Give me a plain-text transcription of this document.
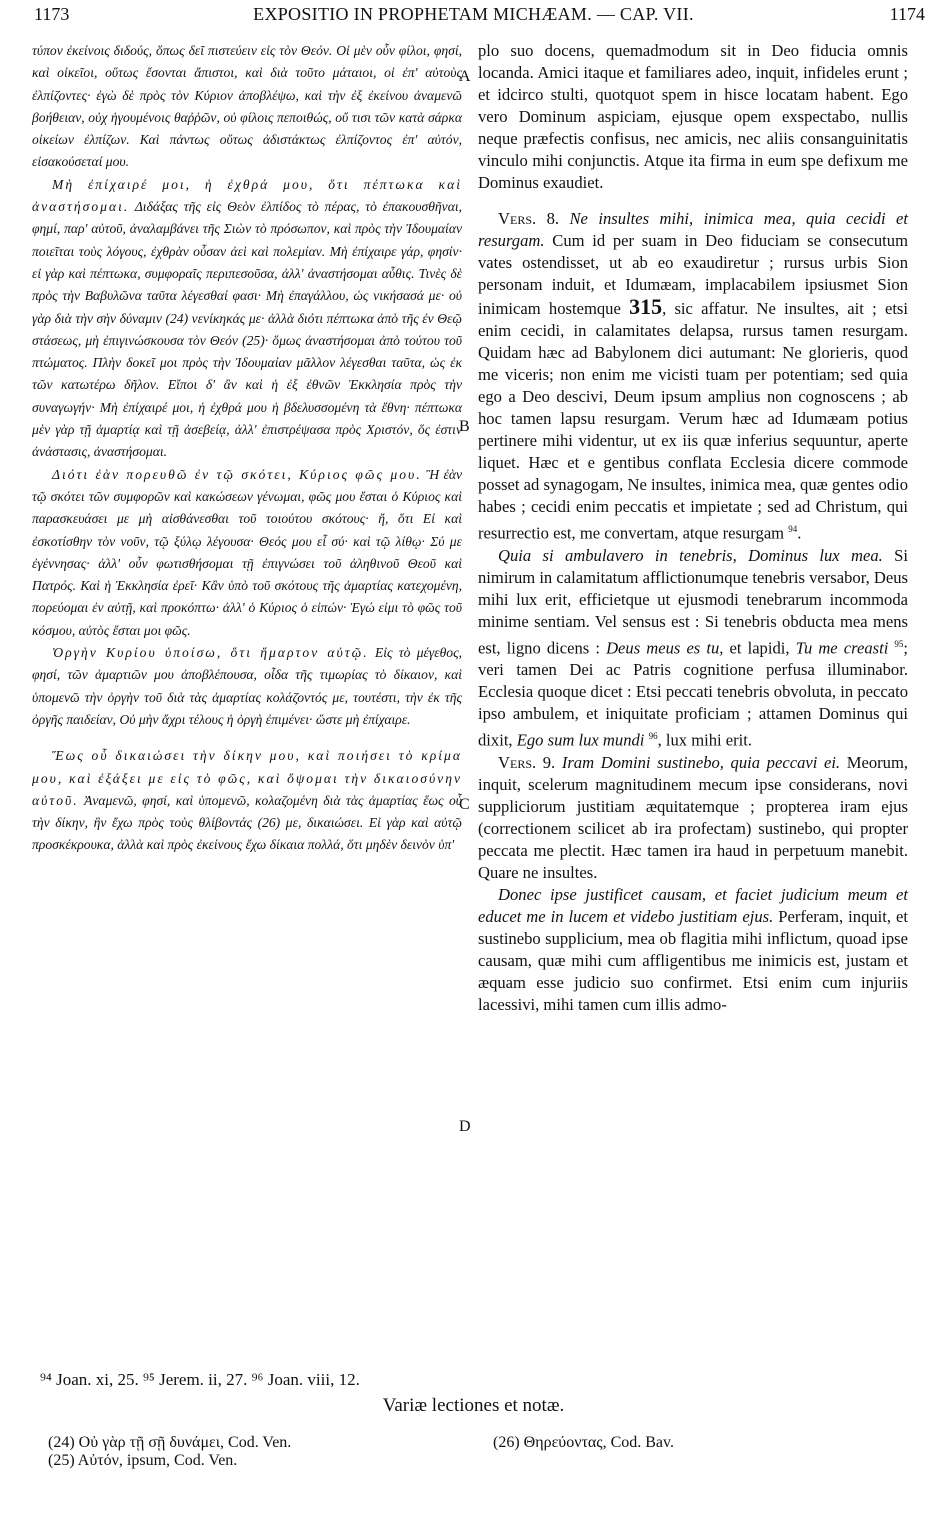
1173	EXPOSITIO IN PROPHETAM MICHÆAM. — CAP. VII.	1174
A
B
C
D

τύπον ἐκείνοις διδούς, ὅπως δεῖ πιστεύειν εἰς τὸν Θεόν. Οἱ μὲν οὖν φίλοι, φησί, καὶ οἰκεῖοι, οὕτως ἔσονται ἄπιστοι, καὶ διὰ τοῦτο μάταιοι, οἱ ἐπ' αὐτοὺς ἐλπίζοντες· ἐγὼ δὲ πρὸς τὸν Κύριον ἀποβλέψω, καὶ τὴν ἐξ ἐκείνου ἀναμενῶ βοήθειαν, οὐχ ἡγουμένοις θαῤῥῶν, οὐ φίλοις πεποιθώς, οὔ τισι τῶν κατὰ σάρκα οἰκείων ἐλπίζων. Καὶ πάντως οὕτως ἀδιστάκτως ἐλπίζοντος ἐπ' αὐτόν, εἰσακούσεταί μου.

Μὴ ἐπίχαιρέ μοι, ἡ ἐχθρά μου, ὅτι πέπτωκα καὶ ἀναστήσομαι. Διδάξας τῆς εἰς Θεὸν ἐλπίδος τὸ πέρας, τὸ ἐπακουσθῆναι, φημί, παρ' αὐτοῦ, ἀναλαμβάνει τῆς Σιὼν τὸ πρόσωπον, καὶ πρὸς τὴν Ἰδουμαίαν ποιεῖται τοὺς λόγους, ἐχθρὰν οὖσαν ἀεὶ καὶ πολεμίαν. Μὴ ἐπίχαιρε γάρ, φησίν· εἰ γὰρ καὶ πέπτωκα, συμφοραῖς περιπεσοῦσα, ἀλλ' ἀναστήσομαι αὖθις. Τινὲς δὲ πρὸς τὴν Βαβυλῶνα ταῦτα λέγεσθαί φασι· Μὴ ἐπαγάλλου, ὡς νικήσασά με· οὐ γὰρ διὰ τὴν σὴν δύναμιν (24) νενίκηκάς με· ἀλλὰ διότι πέπτωκα ἀπὸ τῆς ἐν Θεῷ στάσεως, μὴ ἐπιγινώσκουσα τὸν Θεόν (25)· ὅμως ἀναστήσομαι ἀπὸ τούτου τοῦ πτώματος. Πλὴν δοκεῖ μοι πρὸς τὴν Ἰδουμαίαν μᾶλλον λέγεσθαι ταῦτα, ὡς ἐκ τῶν κατωτέρω δῆλον. Εἴποι δ' ἂν καὶ ἡ ἐξ ἐθνῶν Ἐκκλησία πρὸς τὴν συναγωγήν· Μὴ ἐπίχαιρέ μοι, ἡ ἐχθρά μου ἡ βδελυσσομένη τὰ ἔθνη· πέπτωκα μὲν γὰρ τῇ ἁμαρτίᾳ καὶ τῇ ἀσεβείᾳ, ἀλλ' ἐπιστρέψασα πρὸς Χριστόν, ὅς ἐστιν ἀνάστασις, ἀναστήσομαι.

Διότι ἐὰν πορευθῶ ἐν τῷ σκότει, Κύριος φῶς μου. Ἢ ἐὰν τῷ σκότει τῶν συμφορῶν καὶ κακώσεων γένωμαι, φῶς μου ἔσται ὁ Κύριος καὶ παρασκευάσει με μὴ αἰσθάνεσθαι τοῦ τοιούτου σκότους· ἤ, ὅτι Εἰ καὶ ἐσκοτίσθην τὸν νοῦν, τῷ ξύλῳ λέγουσα· Θεός μου εἶ σύ· καὶ τῷ λίθῳ· Σύ με ἐγέννησας· ἀλλ' οὖν φωτισθήσομαι τῇ ἐπιγνώσει τοῦ ἀληθινοῦ Θεοῦ καὶ Πατρός. Καὶ ἡ Ἐκκλησία ἐρεῖ· Κἂν ὑπὸ τοῦ σκότους τῆς ἁμαρτίας κατεχομένη, πορεύομαι ἐν αὐτῇ, καὶ προκόπτω· ἀλλ' ὁ Κύριος ὁ εἰπών· Ἐγώ εἰμι τὸ φῶς τοῦ κόσμου, αὐτὸς ἔσται μοι φῶς.

Ὀργὴν Κυρίου ὑποίσω, ὅτι ἥμαρτον αὐτῷ. Εἰς τὸ μέγεθος, φησί, τῶν ἁμαρτιῶν μου ἀποβλέπουσα, οἶδα τῆς τιμωρίας τὸ δίκαιον, καὶ ὑπομενῶ τὴν ὀργὴν τοῦ διὰ τὰς ἁμαρτίας κολάζοντός με, τουτέστι, τὴν ἐκ τῆς ὀργῆς παιδείαν, Οὐ μὴν ἄχρι τέλους ἡ ὀργὴ ἐπιμένει· ὥστε μὴ ἐπίχαιρε.

Ἕως οὗ δικαιώσει τὴν δίκην μου, καὶ ποιήσει τὸ κρίμα μου, καὶ ἐξάξει με εἰς τὸ φῶς, καὶ ὄψομαι τὴν δικαιοσύνην αὐτοῦ. Ἀναμενῶ, φησί, καὶ ὑπομενῶ, κολαζομένη διὰ τὰς ἁμαρτίας ἕως οὗ τὴν δίκην, ἣν ἔχω πρὸς τοὺς θλίβοντάς (26) με, δικαιώσει. Εἰ γὰρ καὶ αὐτῷ προσκέκρουκα, ἀλλὰ καὶ πρὸς ἐκείνους ἔχω δίκαια πολλά, ὅτι μηδὲν δεινὸν ὑπ'

plo suo docens, quemadmodum sit in Deo fiducia omnis locanda. Amici itaque et familiares adeo, inquit, infideles erunt ; et idcirco stulti, quotquot spem in hisce locatam habent. Ego vero Dominum aspiciam, ejusque opem exspectabo, nullis neque præfectis confisus, nec amicis, nec aliis consanguinitatis vinculo mihi conjunctis. Atque ita firma in eum spe defixum me Dominus exaudiet.

Vers. 8. Ne insultes mihi, inimica mea, quia cecidi et resurgam. Cum id per suam in Deo fiduciam se consecutum vates ostendisset, ut ab eo exaudiretur ; rursus urbis Sion personam induit, et Idumæam, implacabilem ipsiusmet Sion inimicam hostemque 315, sic affatur. Ne insultes, ait ; etsi enim cecidi, in calamitates delapsa, rursus tamen resurgam. Quidam hæc ad Babylonem dici autumant: Ne glorieris, quod me viceris; non enim me vicisti tuam per potentiam; sed quia ego a Deo descivi, Deum ipsum amplius non cognoscens ; ab hoc tamen lapsu resurgam. Verum hæc ad Idumæam potius pertinere mihi videntur, ut ex iis quæ inferius sequuntur, aperte liquet. Hæc et e gentibus conflata Ecclesia dicere commode posset ad synagogam, Ne insultes, inimica mea, quæ gentes odio habes ; cecidi enim peccatis et impietate ; sed ad Christum, qui resurrectio est, me convertam, atque resurgam $^{94}$.

Quia si ambulavero in tenebris, Dominus lux mea. Si nimirum in calamitatum afflictionumque tenebris versabor, Deus mihi lux erit, efficietque ut ejusmodi tenebrarum incommoda minime sentiam. Vel sensus est : Si tenebris obducta mea mens est, ligno dicens : Deus meus es tu, et lapidi, Tu me creasti $^{95}$; veri tamen Dei ac Patris cognitione perfusa illuminabor. Ecclesia quoque dicet : Etsi peccati tenebris obvoluta, in peccato ipso ambulem, et iniquitate proficiam ; attamen Dominus qui dixit, Ego sum lux mundi $^{96}$, lux mihi erit.

Vers. 9. Iram Domini sustinebo, quia peccavi ei. Meorum, inquit, scelerum magnitudinem mecum ipse considerans, novi suppliciorum justitiam æquitatemque ; propterea iram ejus (correctionem scilicet ab ira profectam) sustinebo, qui propter peccata me plectit. Hæc tamen ira haud in perpetuum manebit. Quare ne insultes.

Donec ipse justificet causam, et faciet judicium meum et educet me in lucem et videbo justitiam ejus. Perferam, inquit, et sustinebo supplicium, mea ob flagitia mihi inflictum, quoad ipse causam, quæ mihi cum affligentibus me inimicis est, justam et æquam esse judicio suo confirmet. Etsi enim cum injuriis lacessivi, mihi tamen cum illis admo-

⁹⁴ Joan. xi, 25. ⁹⁵ Jerem. ii, 27. ⁹⁶ Joan. viii, 12.
Variæ lectiones et notæ.
(24) Οὐ γὰρ τῇ σῇ δυνάμει, Cod. Ven.
(25) Αὐτόν, ipsum, Cod. Ven.
(26) Θηρεύοντας, Cod. Bav.
